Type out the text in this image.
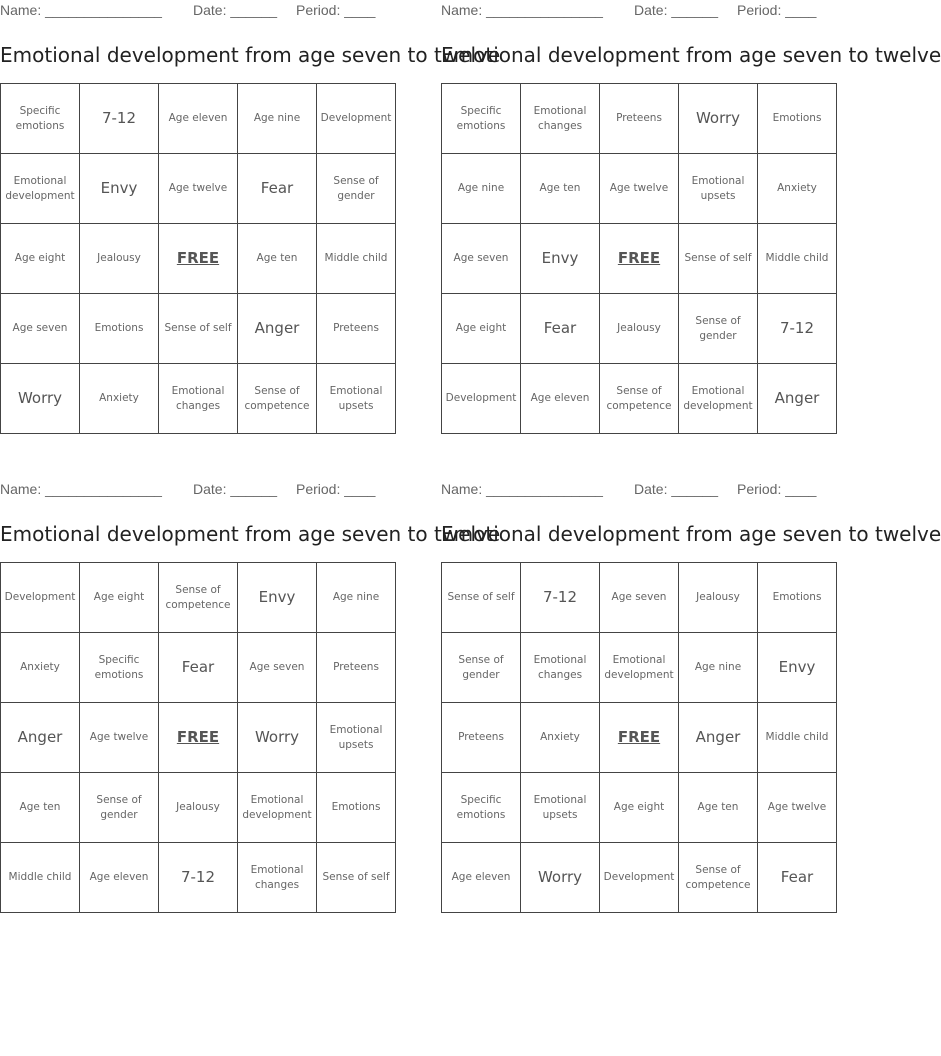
Name: _______________ Date: ______ Period: ____
Emotional development from age seven to twelve
Specific emotions	7-12	Age eleven	Age nine	Development
Emotional development	Envy	Age twelve	Fear	Sense of gender
Age eight	Jealousy	FREE	Age ten	Middle child
Age seven	Emotions	Sense of self	Anger	Preteens
Worry	Anxiety	Emotional changes	Sense of competence	Emotional upsets
Name: _______________ Date: ______ Period: ____
Emotional development from age seven to twelve
Specific emotions	Emotional changes	Preteens	Worry	Emotions
Age nine	Age ten	Age twelve	Emotional upsets	Anxiety
Age seven	Envy	FREE	Sense of self	Middle child
Age eight	Fear	Jealousy	Sense of gender	7-12
Development	Age eleven	Sense of competence	Emotional development	Anger
Name: _______________ Date: ______ Period: ____
Emotional development from age seven to twelve
Development	Age eight	Sense of competence	Envy	Age nine
Anxiety	Specific emotions	Fear	Age seven	Preteens
Anger	Age twelve	FREE	Worry	Emotional upsets
Age ten	Sense of gender	Jealousy	Emotional development	Emotions
Middle child	Age eleven	7-12	Emotional changes	Sense of self
Name: _______________ Date: ______ Period: ____
Emotional development from age seven to twelve
Sense of self	7-12	Age seven	Jealousy	Emotions
Sense of gender	Emotional changes	Emotional development	Age nine	Envy
Preteens	Anxiety	FREE	Anger	Middle child
Specific emotions	Emotional upsets	Age eight	Age ten	Age twelve
Age eleven	Worry	Development	Sense of competence	Fear
